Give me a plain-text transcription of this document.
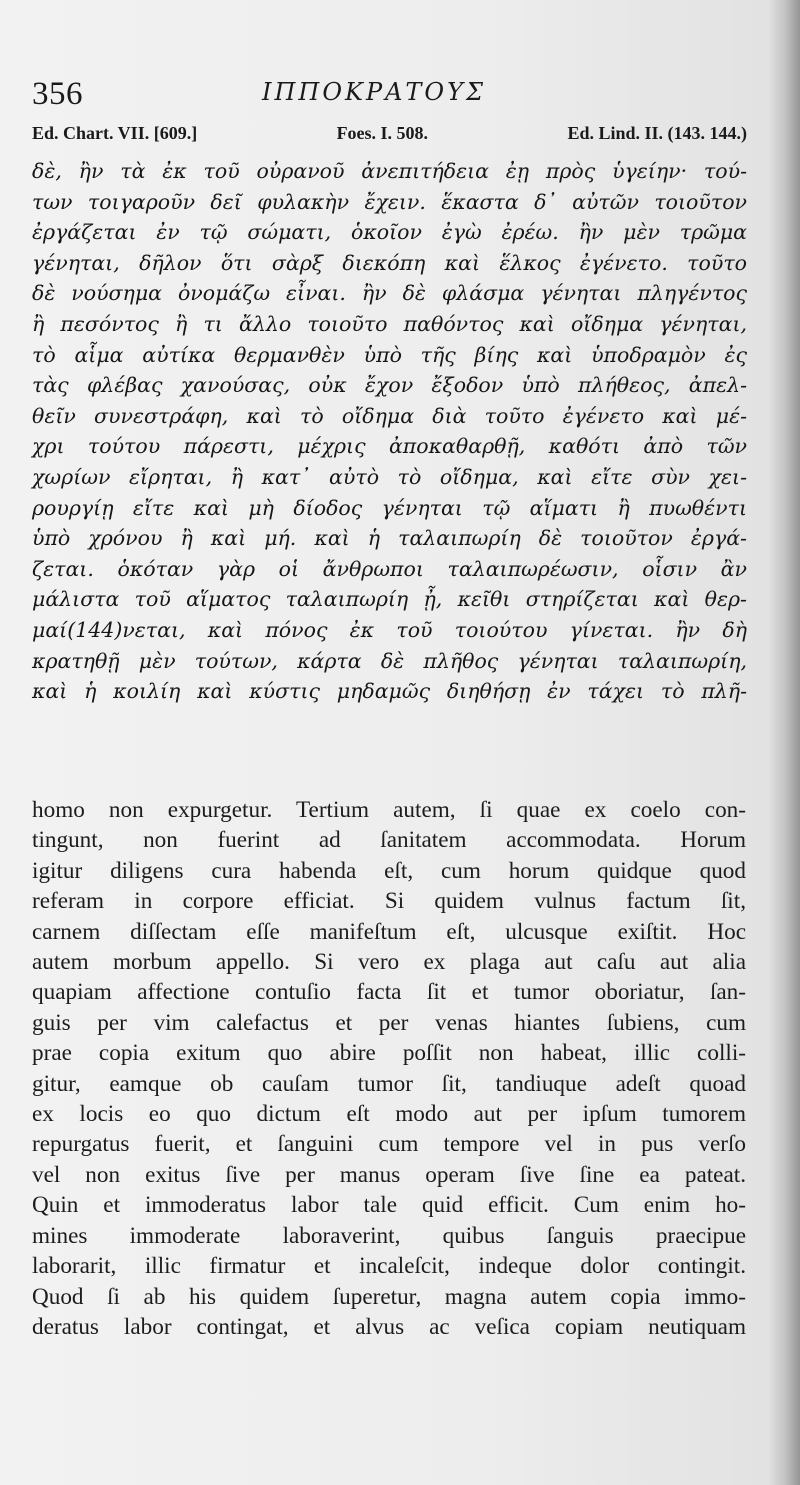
356	ΙΠΠΟΚΡΑΤΟΥΣ
Ed. Chart. VII. [609.]	Foes. I. 508.	Ed. Lind. II. (143. 144.)
δὲ, ἢν τὰ ἐκ τοῦ οὐρανοῦ ἀνεπιτήδεια ἐῃ πρὸς ὑγείην· τού-
των τοιγαροῦν δεῖ φυλακὴν ἔχειν. ἕκαστα δ᾽ αὐτῶν τοιοῦτον
ἐργάζεται ἐν τῷ σώματι, ὁκοῖον ἐγὼ ἐρέω. ἢν μὲν τρῶμα
γένηται, δῆλον ὅτι σὰρξ διεκόπη καὶ ἕλκος ἐγένετο. τοῦτο
δὲ νούσημα ὀνομάζω εἶναι. ἢν δὲ φλάσμα γένηται πληγέντος
ἢ πεσόντος ἢ τι ἄλλο τοιοῦτο παθόντος καὶ οἴδημα γένηται,
τὸ αἷμα αὐτίκα θερμανθὲν ὑπὸ τῆς βίης καὶ ὑποδραμὸν ἐς
τὰς φλέβας χανούσας, οὐκ ἔχον ἔξοδον ὑπὸ πλήθεος, ἀπελ-
θεῖν συνεστράφη, καὶ τὸ οἴδημα διὰ τοῦτο ἐγένετο καὶ μέ-
χρι τούτου πάρεστι, μέχρις ἀποκαθαρθῇ, καθότι ἀπὸ τῶν
χωρίων εἴρηται, ἢ κατ᾽ αὐτὸ τὸ οἴδημα, καὶ εἴτε σὺν χει-
ρουργίῃ εἴτε καὶ μὴ δίοδος γένηται τῷ αἵματι ἢ πυωθέντι
ὑπὸ χρόνου ἢ καὶ μή. καὶ ἡ ταλαιπωρίη δὲ τοιοῦτον ἐργά-
ζεται. ὁκόταν γὰρ οἱ ἄνθρωποι ταλαιπωρέωσιν, οἷσιν ἂν
μάλιστα τοῦ αἵματος ταλαιπωρίη ᾖ, κεῖθι στηρίζεται καὶ θερ-
μαί(144)νεται, καὶ πόνος ἐκ τοῦ τοιούτου γίνεται. ἢν δὴ
κρατηθῇ μὲν τούτων, κάρτα δὲ πλῆθος γένηται ταλαιπωρίη,
καὶ ἡ κοιλίη καὶ κύστις μηδαμῶς διηθήσῃ ἐν τάχει τὸ πλῆ-
homo non expurgetur. Tertium autem, ſi quae ex coelo con-
tingunt, non fuerint ad ſanitatem accommodata. Horum
igitur diligens cura habenda eſt, cum horum quidque quod
referam in corpore efficiat. Si quidem vulnus factum ſit,
carnem diſſectam eſſe manifeſtum eſt, ulcusque exiſtit. Hoc
autem morbum appello. Si vero ex plaga aut caſu aut alia
quapiam affectione contuſio facta ſit et tumor oboriatur, ſan-
guis per vim calefactus et per venas hiantes ſubiens, cum
prae copia exitum quo abire poſſit non habeat, illic colli-
gitur, eamque ob cauſam tumor ſit, tandiuque adeſt quoad
ex locis eo quo dictum eſt modo aut per ipſum tumorem
repurgatus fuerit, et ſanguini cum tempore vel in pus verſo
vel non exitus ſive per manus operam ſive ſine ea pateat.
Quin et immoderatus labor tale quid efficit. Cum enim ho-
mines immoderate laboraverint, quibus ſanguis praecipue
laborarit, illic firmatur et incaleſcit, indeque dolor contingit.
Quod ſi ab his quidem ſuperetur, magna autem copia immo-
deratus labor contingat, et alvus ac veſica copiam neutiquam
